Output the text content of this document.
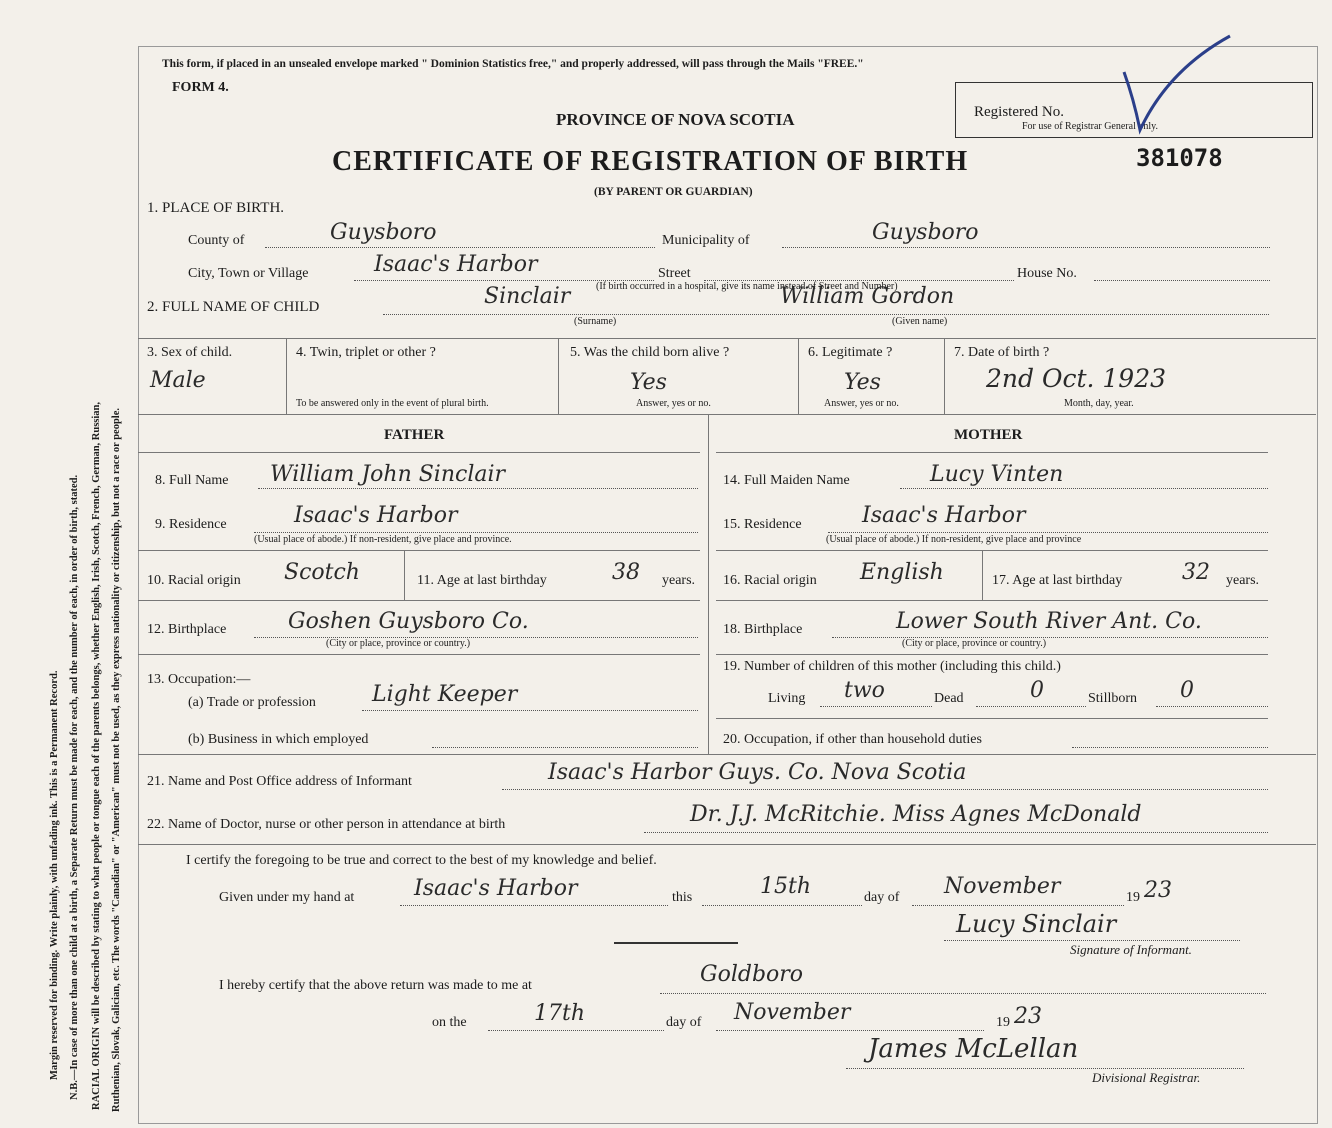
Margin reserved for binding. Write plainly, with unfading ink. This is a Permanent Record. N.B.—In case of more than one child at a birth, a Separate Return must be made for each, and the number of each, in order of birth, stated. RACIAL ORIGIN will be described by stating to what people or tongue each of the parents belongs, whether English, Irish, Scotch, French, German, Russian, Ruthenian, Slovak, Galician, etc. The words "Canadian" or "American" must not be used, as they express nationality or citizenship, but not a race or people.
This form, if placed in an unsealed envelope marked " Dominion Statistics free," and properly addressed, will pass through the Mails "FREE."
FORM 4.
PROVINCE OF NOVA SCOTIA
CERTIFICATE OF REGISTRATION OF BIRTH
(BY PARENT OR GUARDIAN)
Registered No.
For use of Registrar General only.
381078
1. PLACE OF BIRTH.
County of	Guysboro	Municipality of	Guysboro
City, Town or Village	Isaac's Harbor	Street	House No.
(If birth occurred in a hospital, give its name instead of Street and Number)
2. FULL NAME OF CHILD	Sinclair
(Surname)
William Gordon
(Given name)
3. Sex of child.
Male
4. Twin, triplet or other ?
To be answered only in the event of plural birth.
5. Was the child born alive ?
Yes
Answer, yes or no.
6. Legitimate ?
Yes
Answer, yes or no.
7. Date of birth ?
2nd Oct. 1923
Month, day, year.
FATHER	MOTHER
8. Full Name William John Sinclair	14. Full Maiden Name	Lucy Vinten
9. Residence	Isaac's Harbor
(Usual place of abode.) If non-resident, give place and province.
15. Residence	Isaac's Harbor
(Usual place of abode.) If non-resident, give place and province
10. Racial origin Scotch	11. Age at last birthday	38 years. 16. Racial origin English	17. Age at last birthday	32 years.
12. Birthplace	Goshen Guysboro Co.
(City or place, province or country.)
18. Birthplace	Lower South River Ant. Co.
(City or place, province or country.)
13. Occupation:—
(a) Trade or profession	Light Keeper
(b) Business in which employed
19. Number of children of this mother (including this child.)
Living two	Dead	0	Stillborn 0
20. Occupation, if other than household duties
21. Name and Post Office address of Informant	Isaac's Harbor Guys. Co. Nova Scotia
22. Name of Doctor, nurse or other person in attendance at birth	Dr. J.J. McRitchie. Miss Agnes McDonald
I certify the foregoing to be true and correct to the best of my knowledge and belief.
Given under my hand at	Isaac's Harbor	this	15th	day of November	19 23
Lucy Sinclair
Signature of Informant.
I hereby certify that the above return was made to me at	Goldboro
on the	17th	day of November	19 23
James McLellan
Divisional Registrar.
